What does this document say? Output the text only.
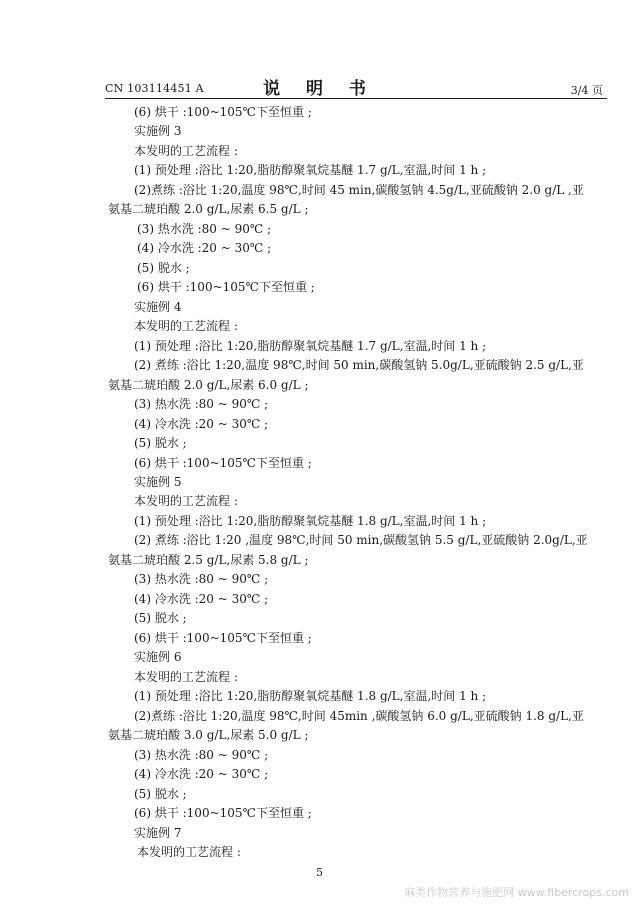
CN 103114451 A	说 明 书	3/4 页
(6) 烘干 :100~105℃下至恒重 ;
实施例 3
本发明的工艺流程 :
(1) 预处理 :浴比 1:20,脂肪醇聚氧烷基醚 1.7 g/L,室温,时间 1 h ;
(2)煮练 :浴比 1:20,温度 98℃,时间 45 min,碳酸氢钠 4.5g/L,亚硫酸钠 2.0 g/L ,亚
氨基二琥珀酸 2.0 g/L,尿素 6.5 g/L ;
(3) 热水洗 :80 ~ 90℃ ;
(4) 冷水洗 :20 ~ 30℃ ;
(5) 脱水 ;
(6) 烘干 :100~105℃下至恒重 ;
实施例 4
本发明的工艺流程 :
(1) 预处理 :浴比 1:20,脂肪醇聚氧烷基醚 1.7 g/L,室温,时间 1 h ;
(2) 煮练 :浴比 1:20,温度 98℃,时间 50 min,碳酸氢钠 5.0g/L,亚硫酸钠 2.5 g/L,亚
氨基二琥珀酸 2.0 g/L,尿素 6.0 g/L ;
(3) 热水洗 :80 ~ 90℃ ;
(4) 冷水洗 :20 ~ 30℃ ;
(5) 脱水 ;
(6) 烘干 :100~105℃下至恒重 ;
实施例 5
本发明的工艺流程 :
(1) 预处理 :浴比 1:20,脂肪醇聚氧烷基醚 1.8 g/L,室温,时间 1 h ;
(2) 煮练 :浴比 1:20 ,温度 98℃,时间 50 min,碳酸氢钠 5.5 g/L,亚硫酸钠 2.0g/L,亚
氨基二琥珀酸 2.5 g/L,尿素 5.8 g/L ;
(3) 热水洗 :80 ~ 90℃ ;
(4) 冷水洗 :20 ~ 30℃ ;
(5) 脱水 ;
(6) 烘干 :100~105℃下至恒重 ;
实施例 6
本发明的工艺流程 :
(1) 预处理 :浴比 1:20,脂肪醇聚氧烷基醚 1.8 g/L,室温,时间 1 h ;
(2)煮练 :浴比 1:20,温度 98℃,时间 45min ,碳酸氢钠 6.0 g/L,亚硫酸钠 1.8 g/L,亚
氨基二琥珀酸 3.0 g/L,尿素 5.0 g/L ;
(3) 热水洗 :80 ~ 90℃ ;
(4) 冷水洗 :20 ~ 30℃ ;
(5) 脱水 ;
(6) 烘干 :100~105℃下至恒重 ;
实施例 7
本发明的工艺流程 :
5
麻类作物营养与施肥网 www.fibercrops.com
